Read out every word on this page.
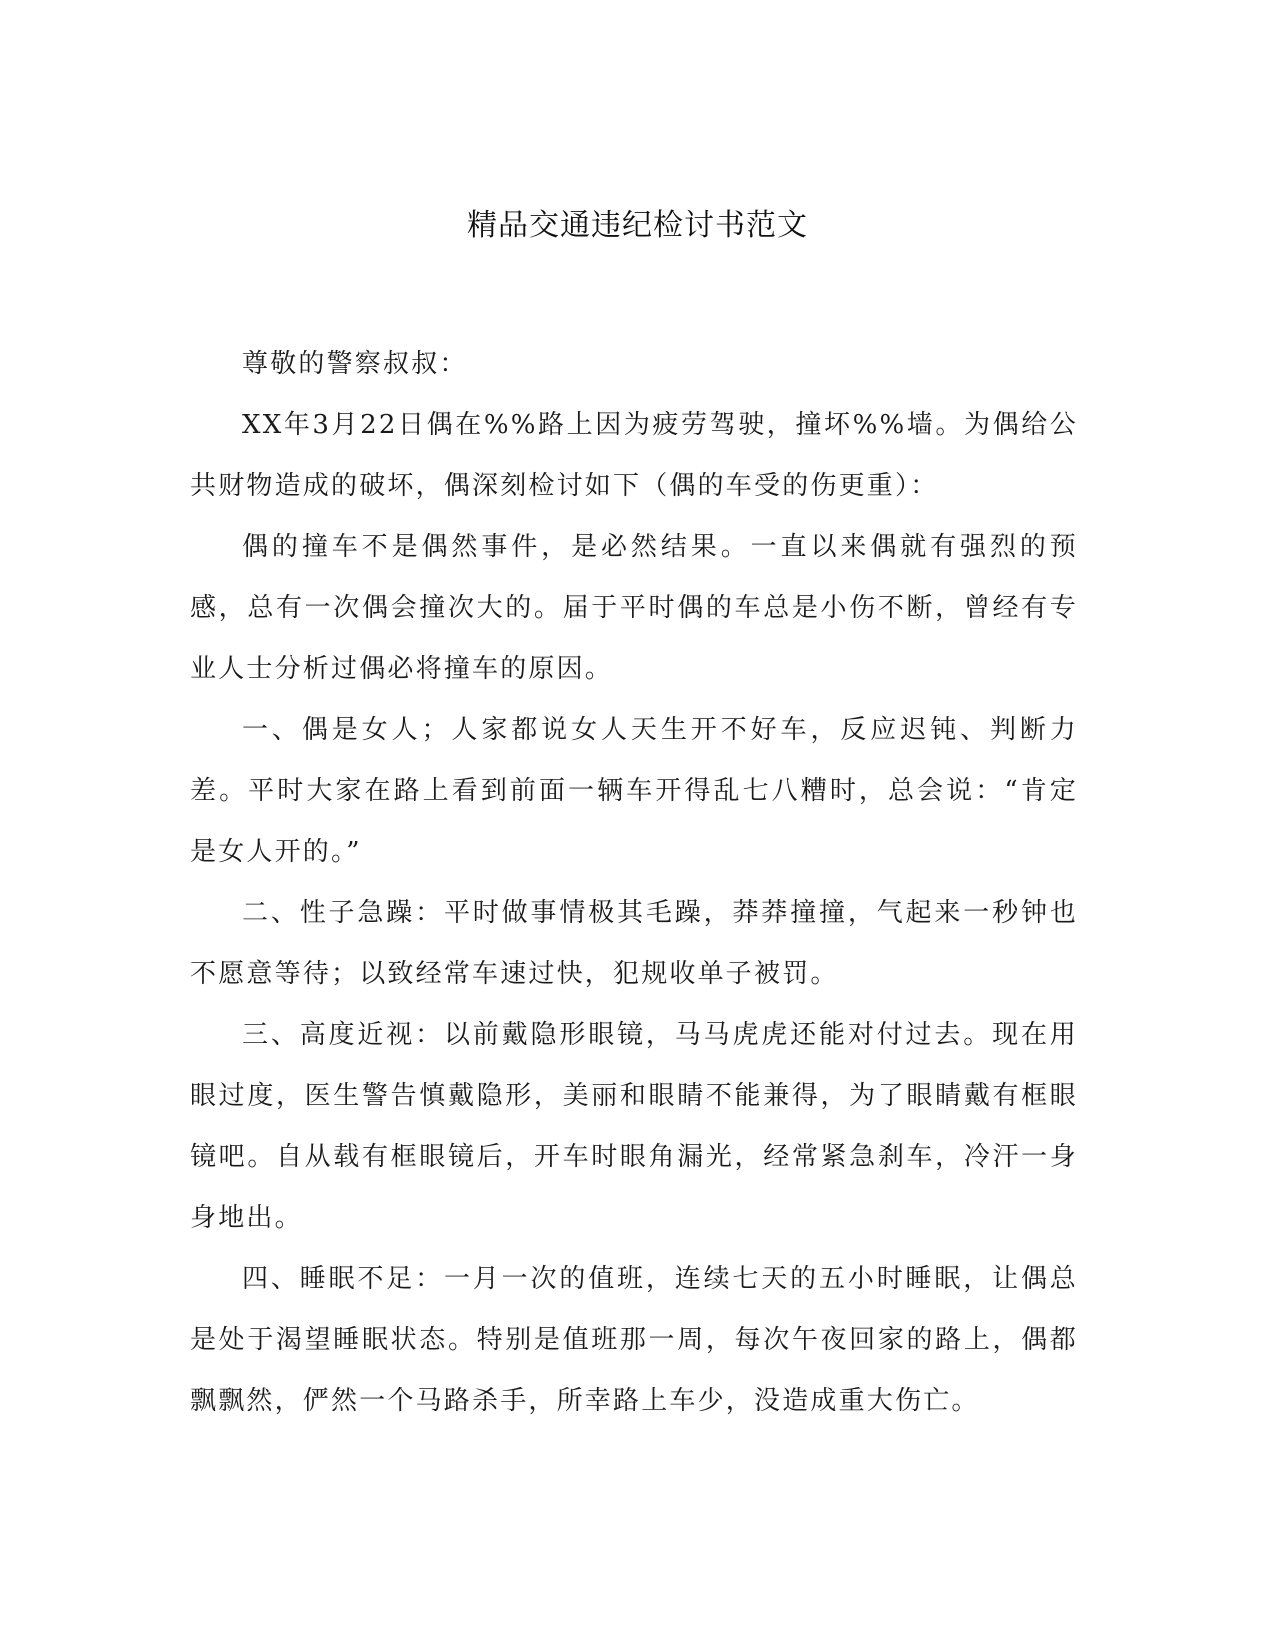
精品交通违纪检讨书范文

尊敬的警察叔叔：

XX年3月22日偶在%%路上因为疲劳驾驶，撞坏%%墙。为偶给公共财物造成的破坏，偶深刻检讨如下（偶的车受的伤更重）：

偶的撞车不是偶然事件，是必然结果。一直以来偶就有强烈的预感，总有一次偶会撞次大的。届于平时偶的车总是小伤不断，曾经有专业人士分析过偶必将撞车的原因。

一、偶是女人；人家都说女人天生开不好车，反应迟钝、判断力差。平时大家在路上看到前面一辆车开得乱七八糟时，总会说：“肯定是女人开的。”

二、性子急躁：平时做事情极其毛躁，莽莽撞撞，气起来一秒钟也不愿意等待；以致经常车速过快，犯规收单子被罚。

三、高度近视：以前戴隐形眼镜，马马虎虎还能对付过去。现在用眼过度，医生警告慎戴隐形，美丽和眼睛不能兼得，为了眼睛戴有框眼镜吧。自从载有框眼镜后，开车时眼角漏光，经常紧急刹车，冷汗一身身地出。

四、睡眠不足：一月一次的值班，连续七天的五小时睡眠，让偶总是处于渴望睡眠状态。特别是值班那一周，每次午夜回家的路上，偶都飘飘然，俨然一个马路杀手，所幸路上车少，没造成重大伤亡。
